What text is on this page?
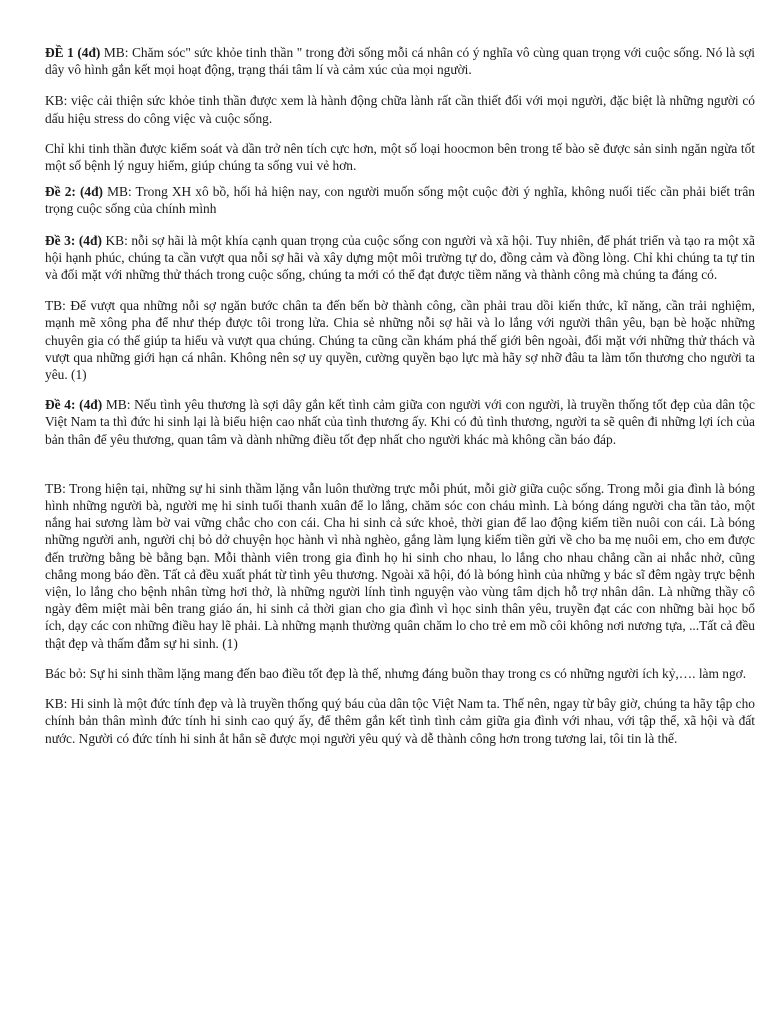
ĐỀ 1 (4đ) MB: Chăm sóc" sức khỏe tinh thần " trong đời sống mỗi cá nhân có ý nghĩa vô cùng quan trọng với cuộc sống. Nó là sợi dây vô hình gắn kết mọi hoạt động, trạng thái tâm lí và cảm xúc của mọi người.

KB: việc cải thiện sức khỏe tinh thần được xem là hành động chữa lành rất cần thiết đối với mọi người, đặc biệt là những người có dấu hiệu stress do công việc và cuộc sống.

Chỉ khi tinh thần được kiểm soát và dần trở nên tích cực hơn, một số loại hoocmon bên trong tế bào sẽ được sản sinh ngăn ngừa tốt một số bệnh lý nguy hiểm, giúp chúng ta sống vui vẻ hơn.

Đề 2: (4đ) MB: Trong XH xô bồ, hối hả hiện nay, con người muốn sống một cuộc đời ý nghĩa, không nuối tiếc cần phải biết trân trọng cuộc sống của chính mình

Đề 3: (4đ) KB: nỗi sợ hãi là một khía cạnh quan trọng của cuộc sống con người và xã hội. Tuy nhiên, để phát triển và tạo ra một xã hội hạnh phúc, chúng ta cần vượt qua nỗi sợ hãi và xây dựng một môi trường tự do, đồng cảm và đồng lòng. Chỉ khi chúng ta tự tin và đối mặt với những thử thách trong cuộc sống, chúng ta mới có thể đạt được tiềm năng và thành công mà chúng ta đáng có.

TB: Để vượt qua những nỗi sợ ngăn bước chân ta đến bến bờ thành công, cần phải trau dồi kiến thức, kĩ năng, cần trải nghiệm, mạnh mẽ xông pha để như thép được tôi trong lửa. Chia sẻ những nỗi sợ hãi và lo lắng với người thân yêu, bạn bè hoặc những chuyên gia có thể giúp ta hiểu và vượt qua chúng. Chúng ta cũng cần khám phá thế giới bên ngoài, đối mặt với những thử thách và vượt qua những giới hạn cá nhân. Không nên sợ uy quyền, cường quyền bạo lực mà hãy sợ nhỡ đâu ta làm tổn thương cho người ta yêu. (1)

Đề 4: (4đ) MB: Nếu tình yêu thương là sợi dây gắn kết tình cảm giữa con người với con người, là truyền thống tốt đẹp của dân tộc Việt Nam ta thì đức hi sinh lại là biểu hiện cao nhất của tình thương ấy. Khi có đủ tình thương, người ta sẽ quên đi những lợi ích của bản thân để yêu thương, quan tâm và dành những điều tốt đẹp nhất cho người khác mà không cần báo đáp.

TB: Trong hiện tại, những sự hi sinh thầm lặng vẫn luôn thường trực mỗi phút, mỗi giờ giữa cuộc sống. Trong mỗi gia đình là bóng hình những người bà, người mẹ hi sinh tuổi thanh xuân để lo lắng, chăm sóc con cháu mình. Là bóng dáng người cha tần tảo, một nắng hai sương làm bờ vai vững chắc cho con cái. Cha hi sinh cả sức khoẻ, thời gian để lao động kiếm tiền nuôi con cái. Là bóng những người anh, người chị bỏ dở chuyện học hành vì nhà nghèo, gắng làm lụng kiếm tiền gửi về cho ba mẹ nuôi em, cho em được đến trường bằng bè bằng bạn. Mỗi thành viên trong gia đình họ hi sinh cho nhau, lo lắng cho nhau chẳng cần ai nhắc nhở, cũng chẳng mong báo đền. Tất cả đều xuất phát từ tình yêu thương. Ngoài xã hội, đó là bóng hình của những y bác sĩ đêm ngày trực bệnh viện, lo lắng cho bệnh nhân từng hơi thở, là những người lính tình nguyện vào vùng tâm dịch hỗ trợ nhân dân. Là những thầy cô ngày đêm miệt mài bên trang giáo án, hi sinh cả thời gian cho gia đình vì học sinh thân yêu, truyền đạt các con những bài học bổ ích, dạy các con những điều hay lẽ phải. Là những mạnh thường quân chăm lo cho trẻ em mồ côi không nơi nương tựa, ...Tất cả đều thật đẹp và thấm đẫm sự hi sinh. (1)

Bác bỏ: Sự hi sinh thầm lặng mang đến bao điều tốt đẹp là thế, nhưng đáng buồn thay trong cs có những người ích kỷ,…. làm ngơ.

KB: Hi sinh là một đức tính đẹp và là truyền thống quý báu của dân tộc Việt Nam ta. Thế nên, ngay từ bây giờ, chúng ta hãy tập cho chính bản thân mình đức tính hi sinh cao quý ấy, để thêm gắn kết tình tình cảm giữa gia đình với nhau, với tập thể, xã hội và đất nước. Người có đức tính hi sinh ắt hẳn sẽ được mọi người yêu quý và dễ thành công hơn trong tương lai, tôi tin là thế.
